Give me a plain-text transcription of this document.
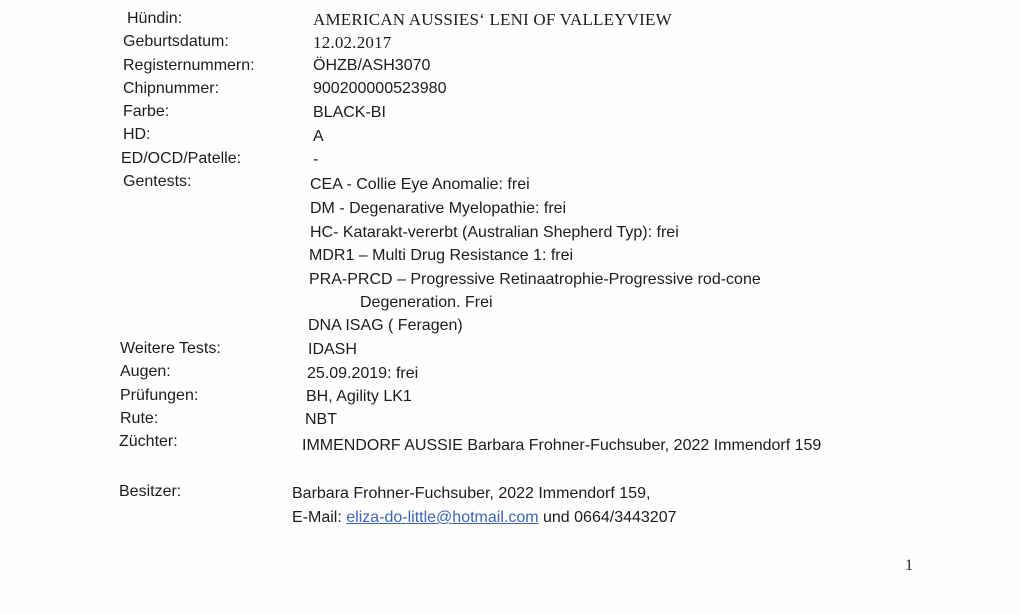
Hündin:	AMERICAN AUSSIES‘ LENI OF VALLEYVIEW
Geburtsdatum:	12.02.2017
Registernummern:	ÖHZB/ASH3070
Chipnummer:	900200000523980
Farbe:	BLACK-BI
HD:	A
ED/OCD/Patelle:	-
Gentests:	CEA - Collie Eye Anomalie: frei
DM - Degenarative Myelopathie: frei
HC- Katarakt-vererbt (Australian Shepherd Typ): frei
MDR1 – Multi Drug Resistance 1: frei
PRA-PRCD – Progressive Retinaatrophie-Progressive rod-cone
Degeneration. Frei
DNA ISAG ( Feragen)
Weitere Tests:	IDASH
Augen:	25.09.2019: frei
Prüfungen:	BH, Agility LK1
Rute:	NBT
Züchter:	IMMENDORF AUSSIE Barbara Frohner-Fuchsuber, 2022 Immendorf 159
Besitzer:	Barbara Frohner-Fuchsuber, 2022 Immendorf 159,
E-Mail: eliza-do-little@hotmail.com und 0664/3443207
1
